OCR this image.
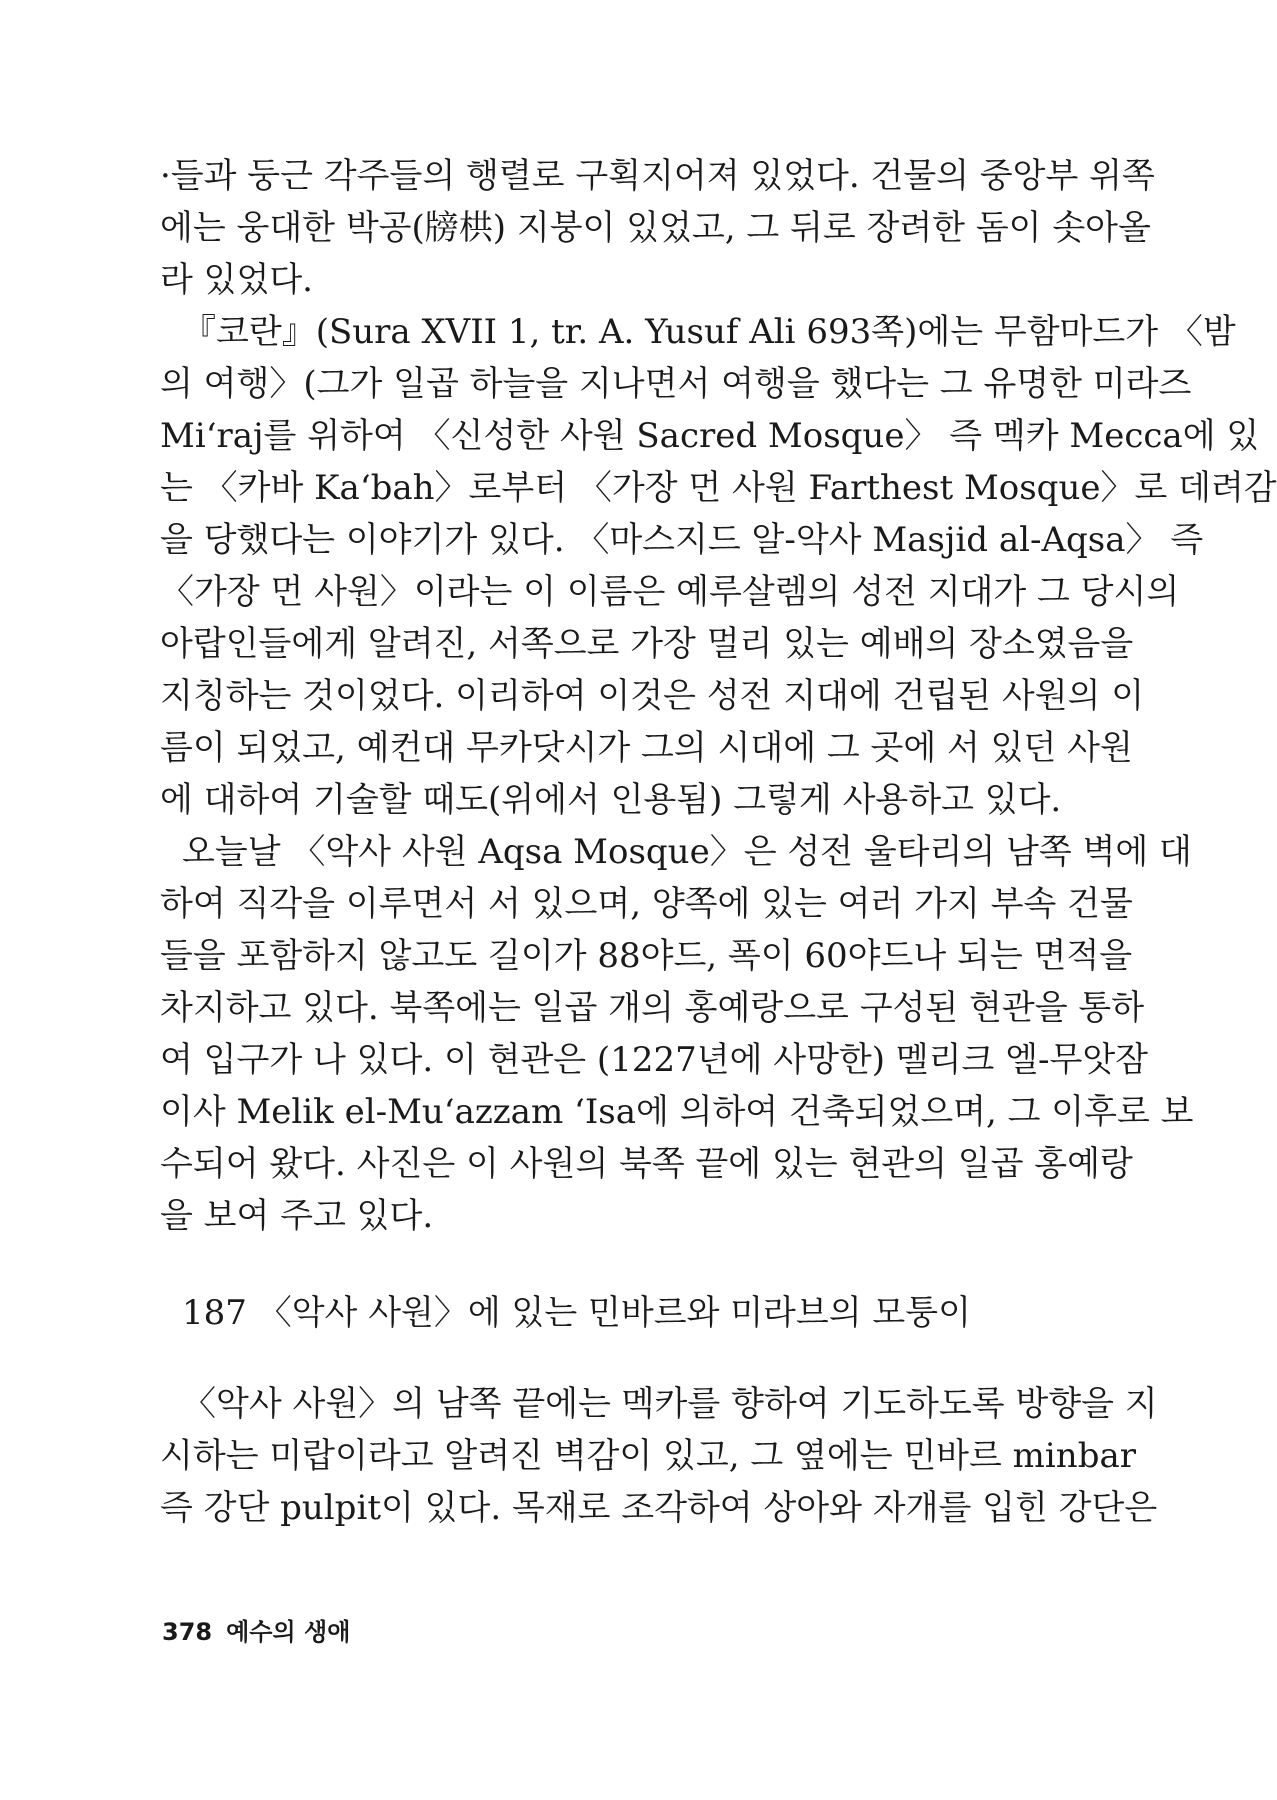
·들과 둥근 각주들의 행렬로 구획지어져 있었다. 건물의 중앙부 위쪽
에는 웅대한 박공(牓栱) 지붕이 있었고, 그 뒤로 장려한 돔이 솟아올
라 있었다.
『코란』(Sura XVII 1, tr. A. Yusuf Ali 693쪽)에는 무함마드가 〈밤
의 여행〉(그가 일곱 하늘을 지나면서 여행을 했다는 그 유명한 미라즈
Mi‘raj를 위하여 〈신성한 사원 Sacred Mosque〉 즉 멕카 Mecca에 있
는 〈카바 Ka‘bah〉로부터 〈가장 먼 사원 Farthest Mosque〉로 데려감
을 당했다는 이야기가 있다. 〈마스지드 알-악사 Masjid al-Aqsa〉 즉
〈가장 먼 사원〉이라는 이 이름은 예루살렘의 성전 지대가 그 당시의
아랍인들에게 알려진, 서쪽으로 가장 멀리 있는 예배의 장소였음을
지칭하는 것이었다. 이리하여 이것은 성전 지대에 건립된 사원의 이
름이 되었고, 예컨대 무카닷시가 그의 시대에 그 곳에 서 있던 사원
에 대하여 기술할 때도(위에서 인용됨) 그렇게 사용하고 있다.
오늘날 〈악사 사원 Aqsa Mosque〉은 성전 울타리의 남쪽 벽에 대
하여 직각을 이루면서 서 있으며, 양쪽에 있는 여러 가지 부속 건물
들을 포함하지 않고도 길이가 88야드, 폭이 60야드나 되는 면적을
차지하고 있다. 북쪽에는 일곱 개의 홍예랑으로 구성된 현관을 통하
여 입구가 나 있다. 이 현관은 (1227년에 사망한) 멜리크 엘-무앗잠
이사 Melik el-Mu‘azzam ‘Isa에 의하여 건축되었으며, 그 이후로 보
수되어 왔다. 사진은 이 사원의 북쪽 끝에 있는 현관의 일곱 홍예랑
을 보여 주고 있다.
187 〈악사 사원〉에 있는 민바르와 미라브의 모퉁이
〈악사 사원〉의 남쪽 끝에는 멕카를 향하여 기도하도록 방향을 지
시하는 미랍이라고 알려진 벽감이 있고, 그 옆에는 민바르 minbar
즉 강단 pulpit이 있다. 목재로 조각하여 상아와 자개를 입힌 강단은
378 예수의 생애
